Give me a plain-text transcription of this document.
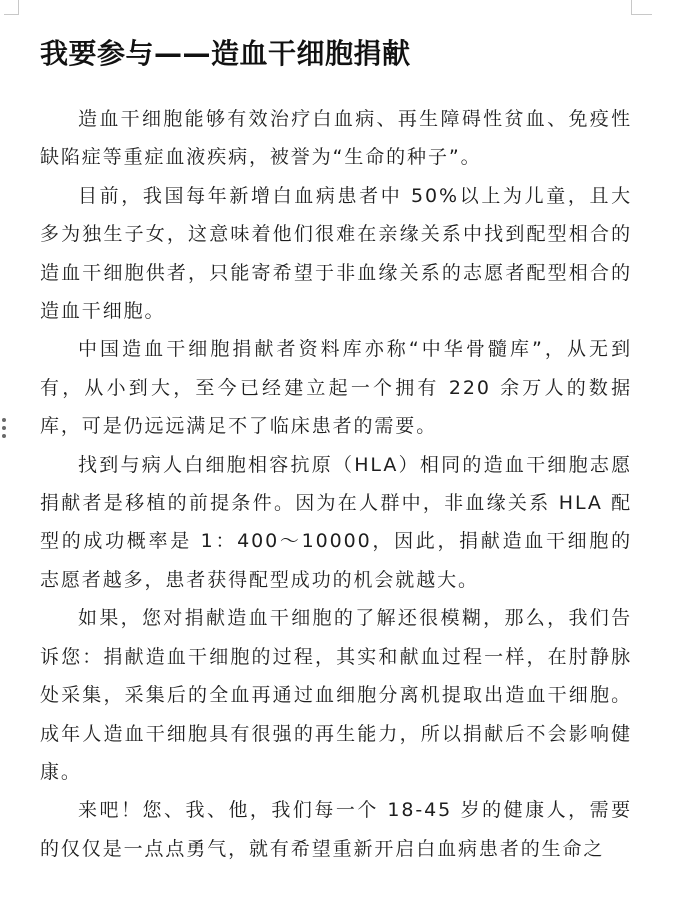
我要参与——造血干细胞捐献

造血干细胞能够有效治疗白血病、再生障碍性贫血、免疫性缺陷症等重症血液疾病，被誉为“生命的种子”。

目前，我国每年新增白血病患者中 50%以上为儿童，且大多为独生子女，这意味着他们很难在亲缘关系中找到配型相合的造血干细胞供者，只能寄希望于非血缘关系的志愿者配型相合的造血干细胞。

中国造血干细胞捐献者资料库亦称“中华骨髓库”，从无到有，从小到大，至今已经建立起一个拥有 220 余万人的数据库，可是仍远远满足不了临床患者的需要。

找到与病人白细胞相容抗原（HLA）相同的造血干细胞志愿捐献者是移植的前提条件。因为在人群中，非血缘关系 HLA 配型的成功概率是 1：400～10000，因此，捐献造血干细胞的志愿者越多，患者获得配型成功的机会就越大。

如果，您对捐献造血干细胞的了解还很模糊，那么，我们告诉您：捐献造血干细胞的过程，其实和献血过程一样，在肘静脉处采集，采集后的全血再通过血细胞分离机提取出造血干细胞。成年人造血干细胞具有很强的再生能力，所以捐献后不会影响健康。

来吧！您、我、他，我们每一个 18-45 岁的健康人，需要的仅仅是一点点勇气，就有希望重新开启白血病患者的生命之
